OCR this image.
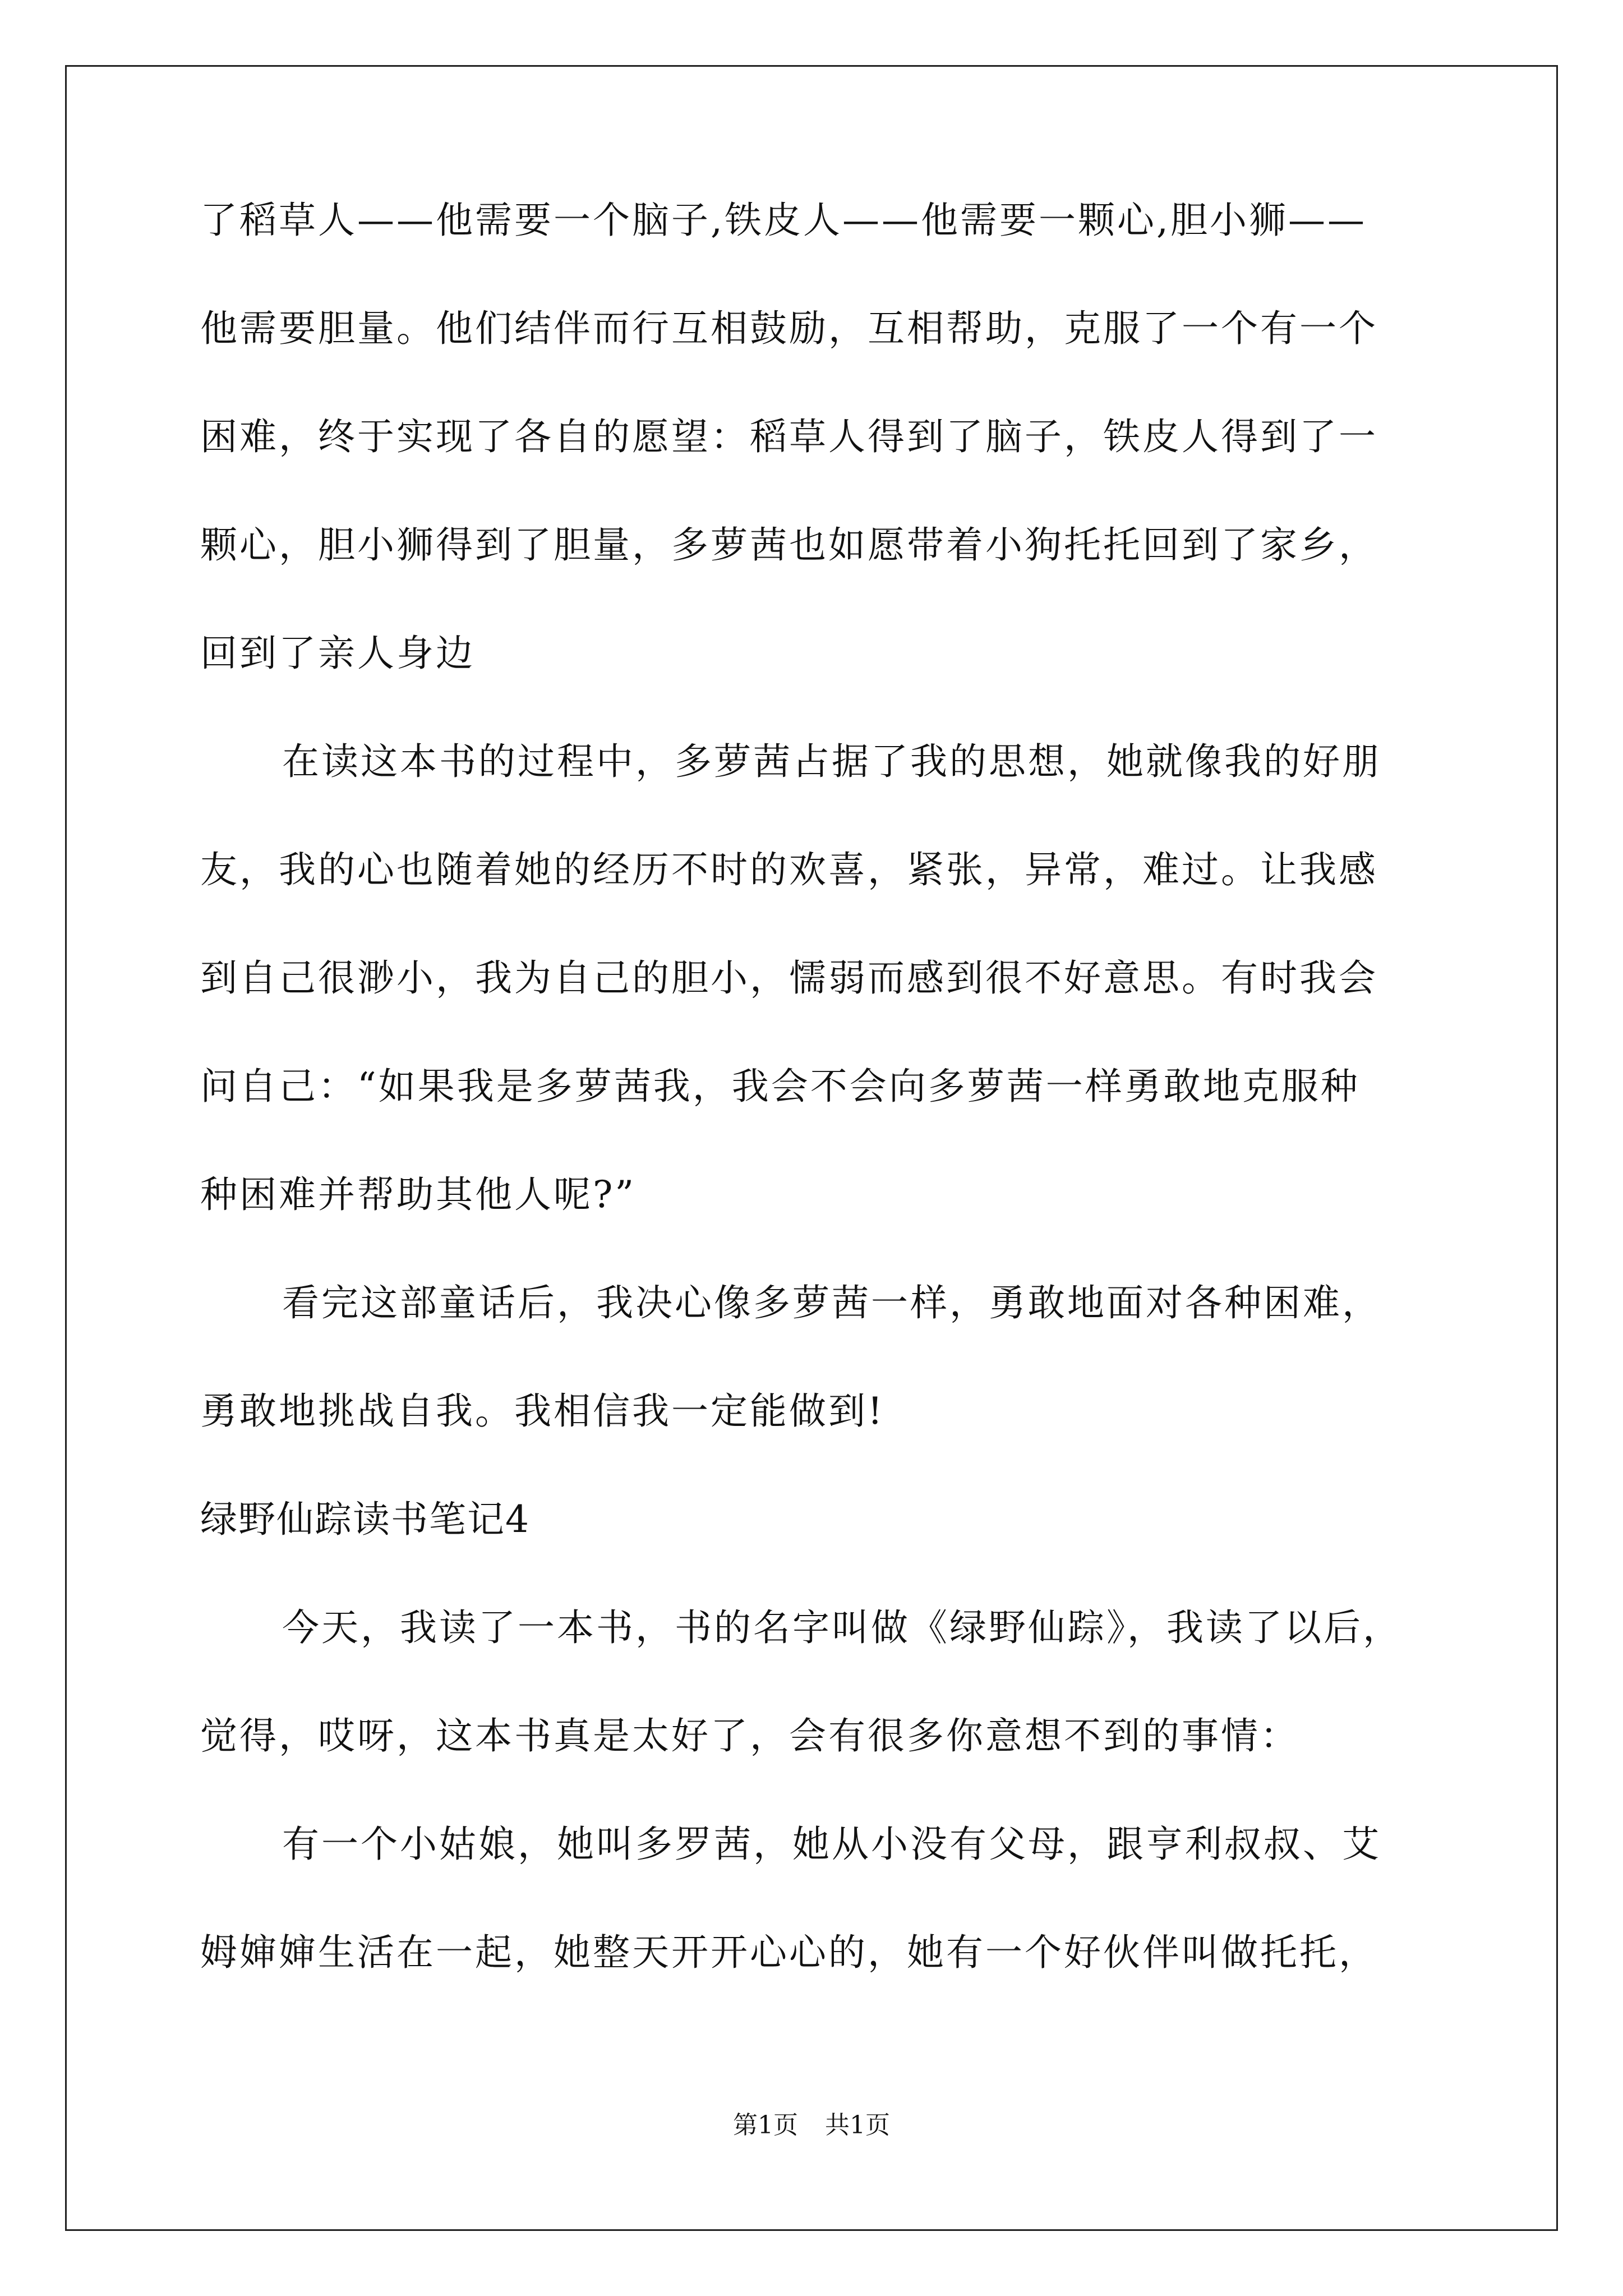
了稻草人——他需要一个脑子,铁皮人——他需要一颗心,胆小狮——
他需要胆量。他们结伴而行互相鼓励，互相帮助，克服了一个有一个
困难，终于实现了各自的愿望：稻草人得到了脑子，铁皮人得到了一
颗心，胆小狮得到了胆量，多萝茜也如愿带着小狗托托回到了家乡，
回到了亲人身边
在读这本书的过程中，多萝茜占据了我的思想，她就像我的好朋
友，我的心也随着她的经历不时的欢喜，紧张，异常，难过。让我感
到自己很渺小，我为自己的胆小，懦弱而感到很不好意思。有时我会
问自己：“如果我是多萝茜我，我会不会向多萝茜一样勇敢地克服种
种困难并帮助其他人呢?”
看完这部童话后，我决心像多萝茜一样，勇敢地面对各种困难，
勇敢地挑战自我。我相信我一定能做到!
绿野仙踪读书笔记4
今天，我读了一本书，书的名字叫做《绿野仙踪》，我读了以后，
觉得，哎呀，这本书真是太好了，会有很多你意想不到的事情：
有一个小姑娘，她叫多罗茜，她从小没有父母，跟亨利叔叔、艾
姆婶婶生活在一起，她整天开开心心的，她有一个好伙伴叫做托托，
第1页 共1页
